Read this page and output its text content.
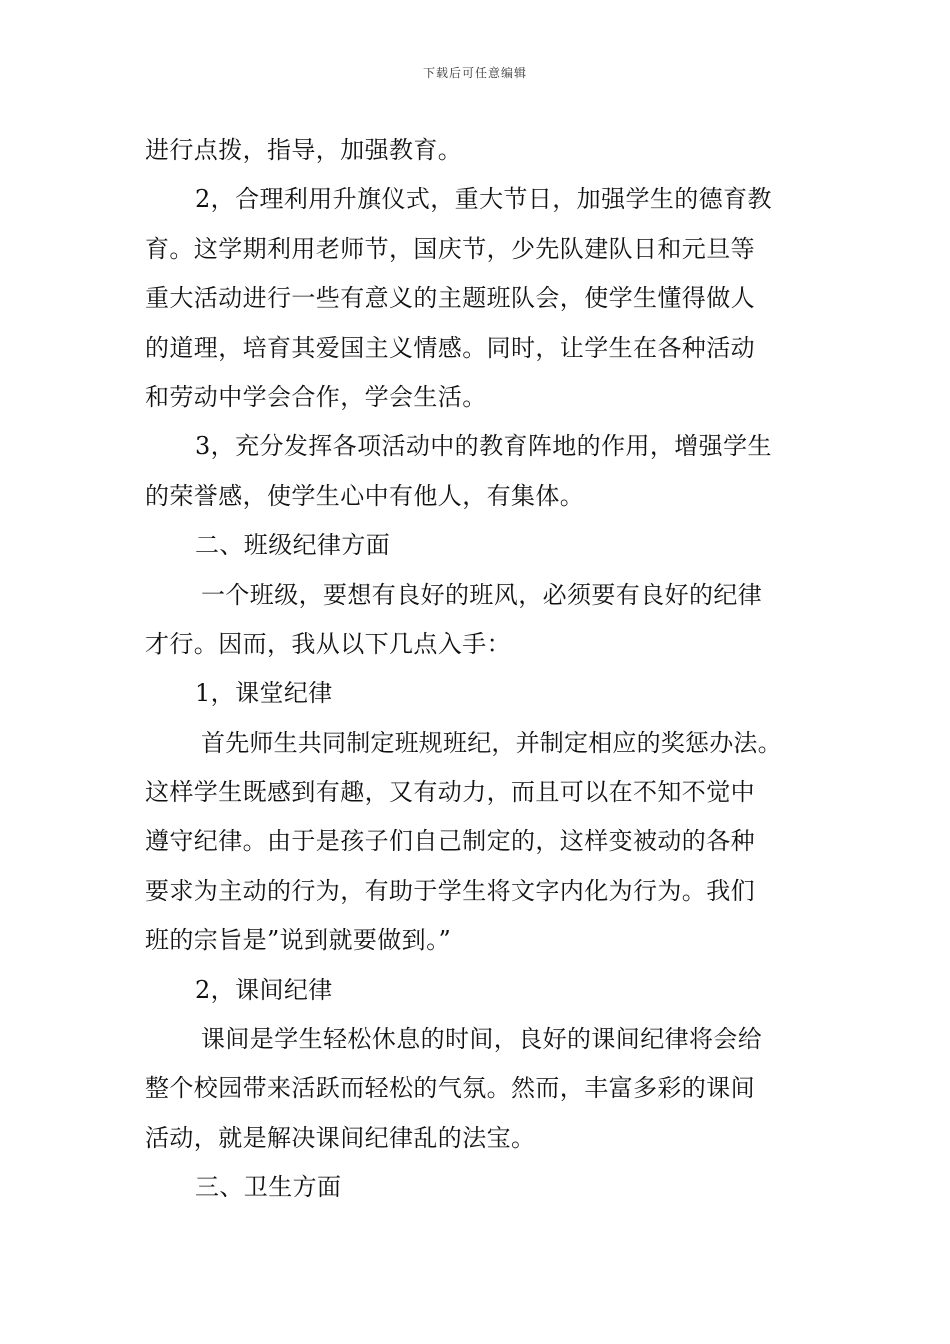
下载后可任意编辑
进行点拨，指导，加强教育。
2，合理利用升旗仪式，重大节日，加强学生的德育教
育。这学期利用老师节，国庆节，少先队建队日和元旦等
重大活动进行一些有意义的主题班队会，使学生懂得做人
的道理，培育其爱国主义情感。同时，让学生在各种活动
和劳动中学会合作，学会生活。
3，充分发挥各项活动中的教育阵地的作用，增强学生
的荣誉感，使学生心中有他人，有集体。
二、班级纪律方面
一个班级，要想有良好的班风，必须要有良好的纪律
才行。因而，我从以下几点入手：
1，课堂纪律
首先师生共同制定班规班纪，并制定相应的奖惩办法。
这样学生既感到有趣，又有动力，而且可以在不知不觉中
遵守纪律。由于是孩子们自己制定的，这样变被动的各种
要求为主动的行为，有助于学生将文字内化为行为。我们
班的宗旨是”说到就要做到。”
2，课间纪律
课间是学生轻松休息的时间，良好的课间纪律将会给
整个校园带来活跃而轻松的气氛。然而，丰富多彩的课间
活动，就是解决课间纪律乱的法宝。
三、卫生方面
